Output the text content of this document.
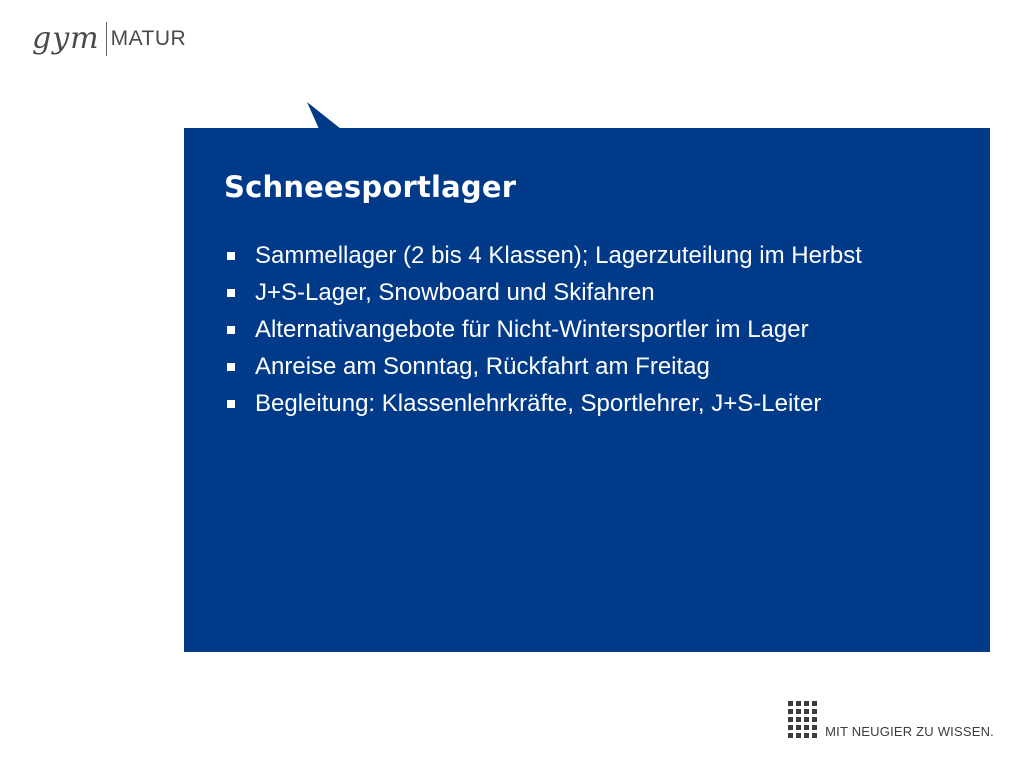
gym MATUR
Schneesportlager
Sammellager (2 bis 4 Klassen); Lagerzuteilung im Herbst
J+S-Lager, Snowboard und Skifahren
Alternativangebote für Nicht-Wintersportler im Lager
Anreise am Sonntag, Rückfahrt am Freitag
Begleitung: Klassenlehrkräfte, Sportlehrer, J+S-Leiter
MIT NEUGIER ZU WISSEN.
